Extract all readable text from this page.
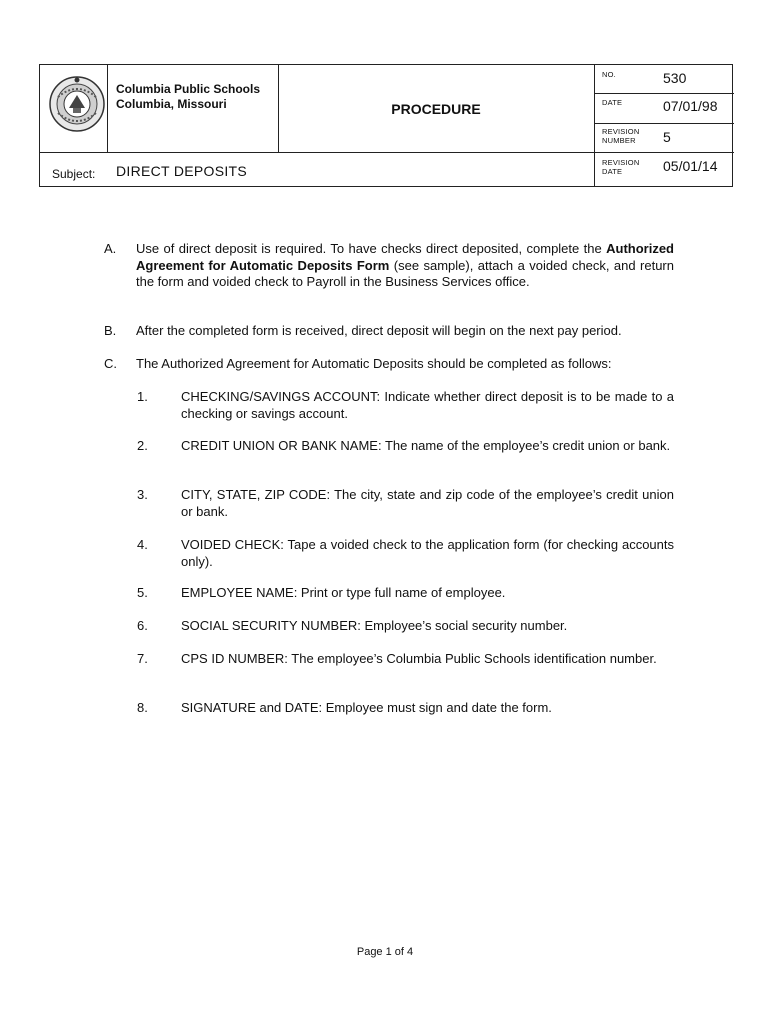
Columbia Public Schools
Columbia, Missouri	PROCEDURE
NO.	530
DATE	07/01/98
REVISION
NUMBER 5
REVISION
DATE	05/01/14
Subject: DIRECT DEPOSITS
A. Use of direct deposit is required. To have checks direct deposited, complete the Authorized Agreement for Automatic Deposits Form (see sample), attach a voided check, and return the form and voided check to Payroll in the Business Services office.
B. After the completed form is received, direct deposit will begin on the next pay period.
C. The Authorized Agreement for Automatic Deposits should be completed as follows:
1.	CHECKING/SAVINGS ACCOUNT: Indicate whether direct deposit is to be made to a checking or savings account.
2.	CREDIT UNION OR BANK NAME: The name of the employee’s credit union or bank.
3.	CITY, STATE, ZIP CODE: The city, state and zip code of the employee’s credit union or bank.
4.	VOIDED CHECK: Tape a voided check to the application form (for checking accounts only).
5.	EMPLOYEE NAME: Print or type full name of employee.
6.	SOCIAL SECURITY NUMBER: Employee’s social security number.
7.	CPS ID NUMBER: The employee’s Columbia Public Schools identification number.
8.	SIGNATURE and DATE: Employee must sign and date the form.
Page 1 of 4
